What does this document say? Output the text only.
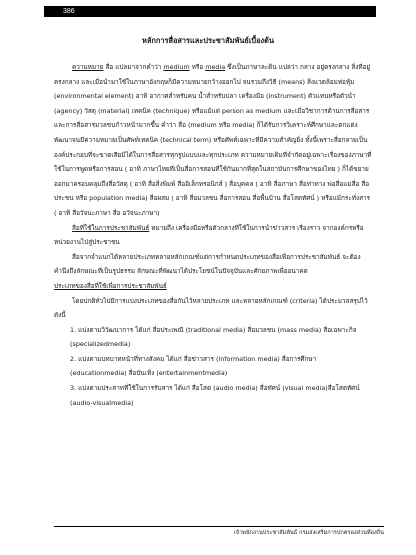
386
หลักการสื่อสารและประชาสัมพันธ์เบื้องต้น

ความหมาย สื่อ แปลมาจากคำว่า medium หรือ media ซึ่งเป็นภาษาละติน แปลว่า กลาง อยู่ตรงกลาง สิ่งที่อยู่ตรงกลาง และเมื่อนำมาใช้ในภาษาอังกฤษก็มีความหมายกว้างออกไป จนรวมถึงวิธี (means) สิ่งแวดล้อมห่อหุ้ม (environmental element) อาทิ อากาศสำหรับคน น้ำสำหรับปลา เครื่องมือ (instrument) ตัวแทนหรือตัวนำ (agency) วัสดุ (material) เทคนิค (technique) หรือแม้แต่ person as medium และเมื่อวิชาการด้านการสื่อสาร และการสื่อสารมวลชนก้าวหน้ามากขึ้น คำว่า สื่อ (medium หรือ media) ก็ได้รับการวิเคราะห์ศึกษาและตกแต่งพัฒนาจนมีความหมายเป็นศัพท์เทคนิค (technical term) หรือศัพท์เฉพาะที่มีความสำคัญยิ่ง ทั้งนี้เพราะสื่อกลายเป็นองค์ประกอบที่จะขาดเสียมิได้ในการสื่อสารทุกรูปแบบและทุกประเภท ความหมายเดิมที่จำกัดอยู่เฉพาะเรื่องของภาษาที่ใช้ในการพูดหรือการสอน ( อาทิ ภาษาไทยที่เป็นสื่อการสอนที่ใช้กันมากที่สุดในสถาบันการศึกษาของไทย ) ก็ได้ขยายออกมาครอบคลุมถึงสื่อวัสดุ ( อาทิ สื่อสิ่งพิมพ์ สื่ออิเล็กทรอนิกส์ ) สื่อบุคคล ( อาทิ สื่อภาษา สื่อท่าทาง พ่อสื่อแม่สื่อ สื่อประชน หรือ population media) สื่อผสม ( อาทิ สื่อมวลชน สื่อการสอน สื่อพื้นบ้าน สื่อโสตทัศน์ ) หรือแม้กระทั่งสาร ( อาทิ สื่อวัจนะภาษา สื่อ อวัจนะภาษา)

สื่อที่ใช้ในการประชาสัมพันธ์ หมายถึง เครื่องมือหรือตัวกลางที่ใช้ในการนำข่าวสาร เรื่องราว จากองค์กรหรือหน่วยงานไปสู่ประชาชน

สื่อจากจำแนกได้หลายประเภทหลายหลักเกณฑ์แต่การกำหนดประเภทของสื่อเพื่อการประชาสัมพันธ์ จะต้องคำนึงถึงลักษณะที่เป็นรูปธรรม ลักษณะที่พัฒนาได้ประโยชน์ในปัจจุบันและศักยภาพเพื่ออนาคต

ประเภทของสื่อที่ใช้เพื่อการประชาสัมพันธ์

โดยปกติทั่วไปมีการแบ่งประเภทของสื่อกันไว้หลายประเภท และหลายหลักเกณฑ์ (criteria) ได้ประมวลสรุปไว้ดังนี้

1. แบ่งตามวิวัฒนาการ ได้แก่ สื่อประเพณี (traditional media) สื่อมวลชน (mass media) สื่อเฉพาะกิจ (specializedmedia)

2. แบ่งตามบทบาทหน้าที่ทางสังคม ได้แก่ สื่อข่าวสาร (information media) สื่อการศึกษา (educationmedia) สื่อบันเทิง (entertainmentmedia)

3. แบ่งตามประสาทที่ใช้ในการรับสาร ได้แก่ สื่อโสต (audio media) สื่อทัศน์ (visual media)สื่อโสตทัศน์ (audio-visualmedia)

เจ้าพนักงานประชาสัมพันธ์ กรมส่งเสริมการปกครองส่วนท้องถิ่น
